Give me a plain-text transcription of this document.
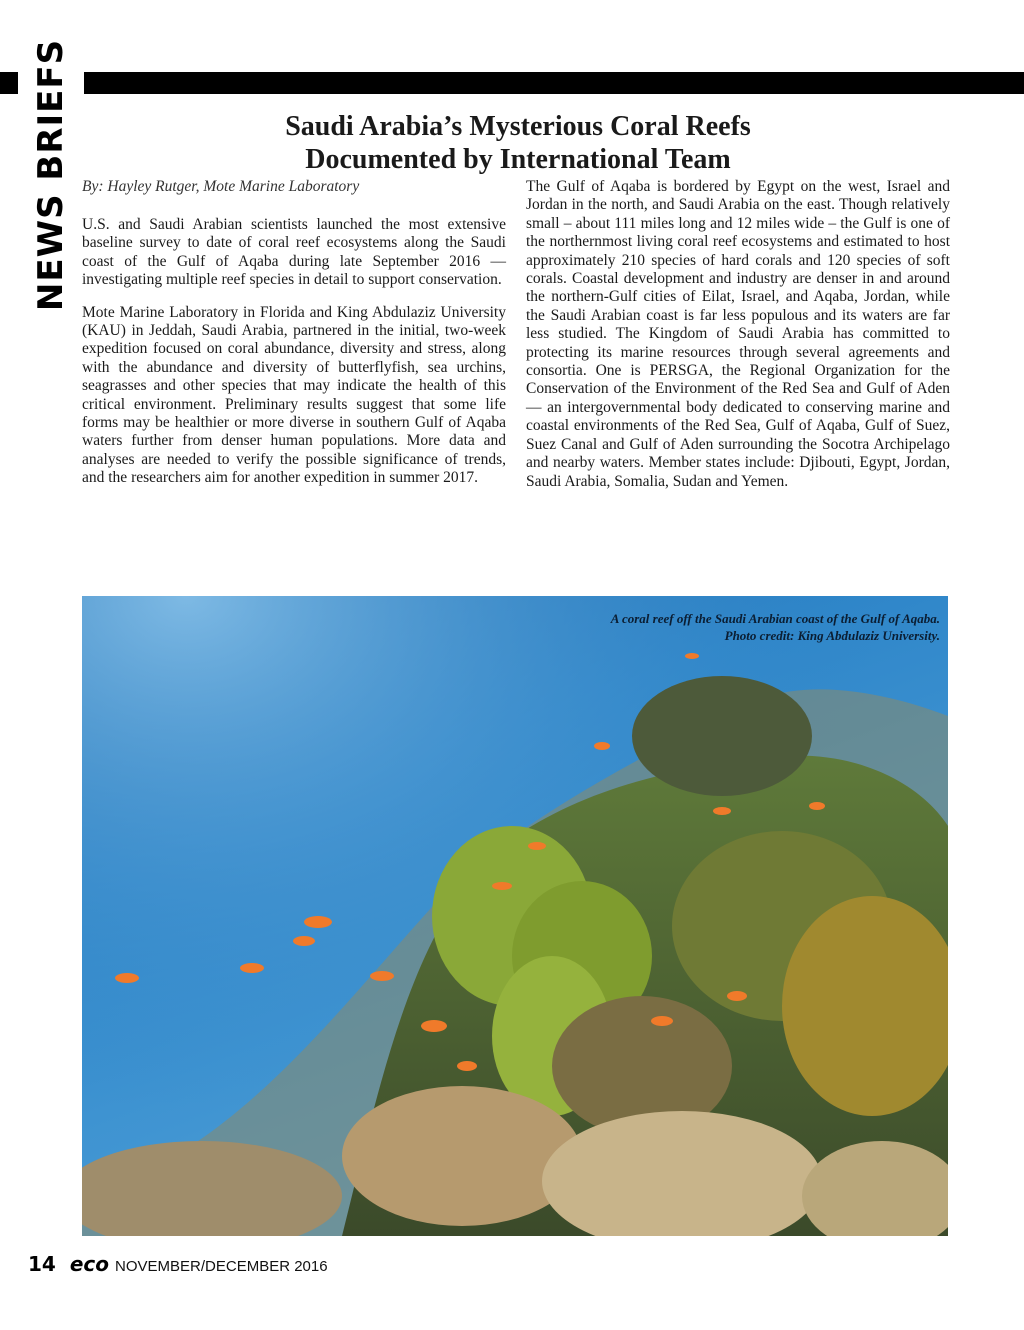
NEWS BRIEFS	Saudi Arabia’s Mysterious Coral Reefs
Documented by International Team

By: Hayley Rutger, Mote Marine Laboratory

U.S. and Saudi Arabian scientists launched the most extensive baseline survey to date of coral reef ecosystems along the Saudi coast of the Gulf of Aqaba during late September 2016 — investigating multiple reef species in detail to support conservation.

Mote Marine Laboratory in Florida and King Abdulaziz University (KAU) in Jeddah, Saudi Arabia, partnered in the initial, two-week expedition focused on coral abundance, diversity and stress, along with the abundance and diversity of butterflyfish, sea urchins, seagrasses and other species that may indicate the health of this critical environment. Preliminary results suggest that some life forms may be healthier or more diverse in southern Gulf of Aqaba waters further from denser human populations. More data and analyses are needed to verify the possible significance of trends, and the researchers aim for another expedition in summer 2017.

The Gulf of Aqaba is bordered by Egypt on the west, Israel and Jordan in the north, and Saudi Arabia on the east. Though relatively small – about 111 miles long and 12 miles wide – the Gulf is one of the northernmost living coral reef ecosystems and estimated to host approximately 210 species of hard corals and 120 species of soft corals. Coastal development and industry are denser in and around the northern-Gulf cities of Eilat, Israel, and Aqaba, Jordan, while the Saudi Arabian coast is far less populous and its waters are far less studied. The Kingdom of Saudi Arabia has committed to protecting its marine resources through several agreements and consortia. One is PERSGA, the Regional Organization for the Conservation of the Environment of the Red Sea and Gulf of Aden — an intergovernmental body dedicated to conserving marine and coastal environments of the Red Sea, Gulf of Aqaba, Gulf of Suez, Suez Canal and Gulf of Aden surrounding the Socotra Archipelago and nearby waters. Member states include: Djibouti, Egypt, Jordan, Saudi Arabia, Somalia, Sudan and Yemen.

A coral reef off the Saudi Arabian coast of the Gulf of Aqaba.
Photo credit: King Abdulaziz University.
14 eco NOVEMBER/DECEMBER 2016
